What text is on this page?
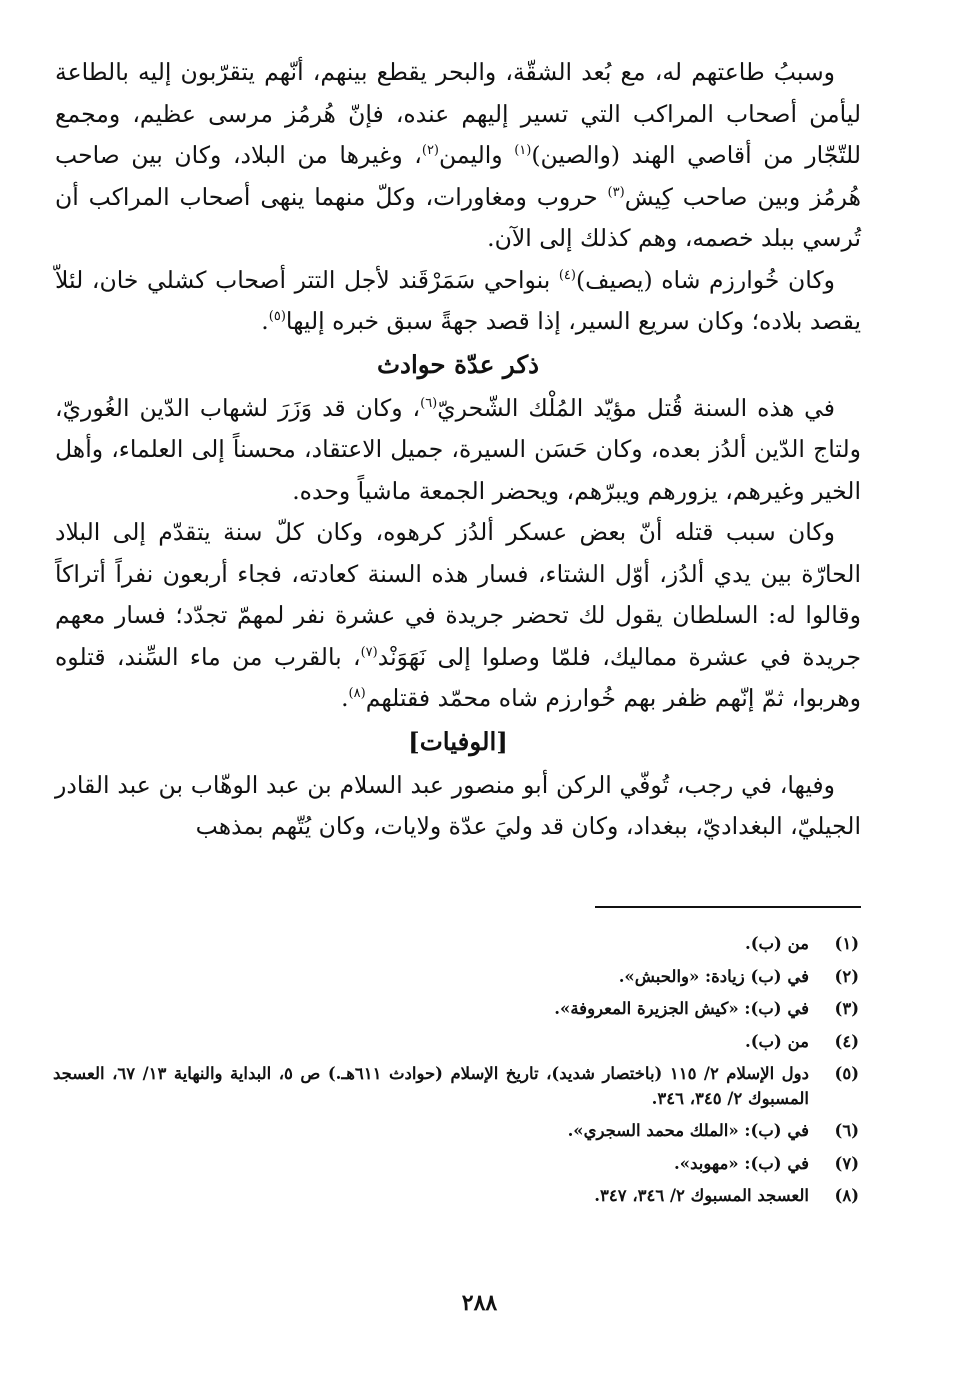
وسببُ طاعتهم له، مع بُعد الشقّة، والبحر يقطع بينهم، أنّهم يتقرّبون إليه بالطاعة ليأمن أصحاب المراكب التي تسير إليهم عنده، فإنّ هُرمُز مرسى عظيم، ومجمع للتّجّار من أقاصي الهند (والصين)$^{(١)}$ واليمن$^{(٢)}$، وغيرها من البلاد، وكان بين صاحب هُرمُز وبين صاحب كِيش$^{(٣)}$ حروب ومغاورات، وكلّ منهما ينهى أصحاب المراكب أن تُرسي ببلد خصمه، وهم كذلك إلى الآن.

وكان خُوارزم شاه (يصيف)$^{(٤)}$ بنواحي سَمَرْقَند لأجل التتر أصحاب كشلي خان، لئلاّ يقصد بلاده؛ وكان سريع السير، إذا قصد جهةً سبق خبره إليها$^{(٥)}$.

ذكر عدّة حوادث

في هذه السنة قُتل مؤيّد المُلْك الشّحريّ$^{(٦)}$، وكان قد وَزَرَ لشهاب الدّين الغُوريّ، ولتاج الدّين ألدُز بعده، وكان حَسَن السيرة، جميل الاعتقاد، محسناً إلى العلماء، وأهل الخير وغيرهم، يزورهم ويبرّهم، ويحضر الجمعة ماشياً وحده.

وكان سبب قتله أنّ بعض عسكر ألدُز كرهوه، وكان كلّ سنة يتقدّم إلى البلاد الحارّة بين يدي ألدُز، أوّل الشتاء، فسار هذه السنة كعادته، فجاء أربعون نفراً أتراكاً وقالوا له: السلطان يقول لك تحضر جريدة في عشرة نفر لمهمّ تجدّد؛ فسار معهم جريدة في عشرة مماليك، فلمّا وصلوا إلى نَهَوَنْد$^{(٧)}$، بالقرب من ماء السِّند، قتلوه وهربوا، ثمّ إنّهم ظفر بهم خُوارزم شاه محمّد فقتلهم$^{(٨)}$.

[الوفيات]

وفيها، في رجب، تُوفّي الركن أبو منصور عبد السلام بن عبد الوهّاب بن عبد القادر الجيليّ، البغداديّ، ببغداد، وكان قد وليَ عدّة ولايات، وكان يُتّهم بمذهب

(١)
من (ب).
(٢)
في (ب) زيادة: «والحبش».
(٣)
في (ب): «كيش الجزيرة المعروفة».
(٤)
من (ب).
(٥)
دول الإسلام ٢/ ١١٥ (باختصار شديد)، تاريخ الإسلام (حوادث ٦١١هـ.) ص ٥، البداية والنهاية ١٣/ ٦٧، العسجد المسبوك ٢/ ٣٤٥، ٣٤٦.
(٦)
في (ب): «الملك محمد السجري».
(٧)
في (ب): «مهوبد».
(٨)
العسجد المسبوك ٢/ ٣٤٦، ٣٤٧.
٢٨٨
